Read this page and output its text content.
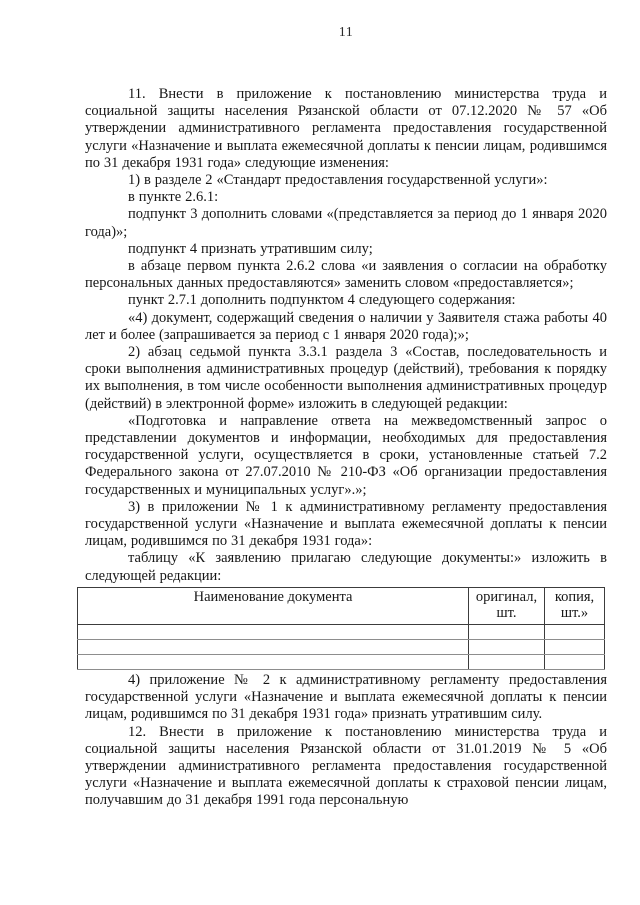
11

11. Внести в приложение к постановлению министерства труда и социальной защиты населения Рязанской области от 07.12.2020 № 57 «Об утверждении административного регламента предоставления государственной услуги «Назначение и выплата ежемесячной доплаты к пенсии лицам, родившимся по 31 декабря 1931 года» следующие изменения:

1) в разделе 2 «Стандарт предоставления государственной услуги»:

в пункте 2.6.1:

подпункт 3 дополнить словами «(представляется за период до 1 января 2020 года)»;

подпункт 4 признать утратившим силу;

в абзаце первом пункта 2.6.2 слова «и заявления о согласии на обработку персональных данных предоставляются» заменить словом «предоставляется»;

пункт 2.7.1 дополнить подпунктом 4 следующего содержания:

«4) документ, содержащий сведения о наличии у Заявителя стажа работы 40 лет и более (запрашивается за период с 1 января 2020 года);»;

2) абзац седьмой пункта 3.3.1 раздела 3 «Состав, последовательность и сроки выполнения административных процедур (действий), требования к порядку их выполнения, в том числе особенности выполнения административных процедур (действий) в электронной форме» изложить в следующей редакции:

«Подготовка и направление ответа на межведомственный запрос о представлении документов и информации, необходимых для предоставления государственной услуги, осуществляется в сроки, установленные статьей 7.2 Федерального закона от 27.07.2010 № 210-ФЗ «Об организации предоставления государственных и муниципальных услуг».»;

3) в приложении № 1 к административному регламенту предоставления государственной услуги «Назначение и выплата ежемесячной доплаты к пенсии лицам, родившимся по 31 декабря 1931 года»:

таблицу «К заявлению прилагаю следующие документы:» изложить в следующей редакции:

Наименование документа	оригинал, шт.	копия, шт.»

4) приложение № 2 к административному регламенту предоставления государственной услуги «Назначение и выплата ежемесячной доплаты к пенсии лицам, родившимся по 31 декабря 1931 года» признать утратившим силу.

12. Внести в приложение к постановлению министерства труда и социальной защиты населения Рязанской области от 31.01.2019 № 5 «Об утверждении административного регламента предоставления государственной услуги «Назначение и выплата ежемесячной доплаты к страховой пенсии лицам, получавшим до 31 декабря 1991 года персональную
